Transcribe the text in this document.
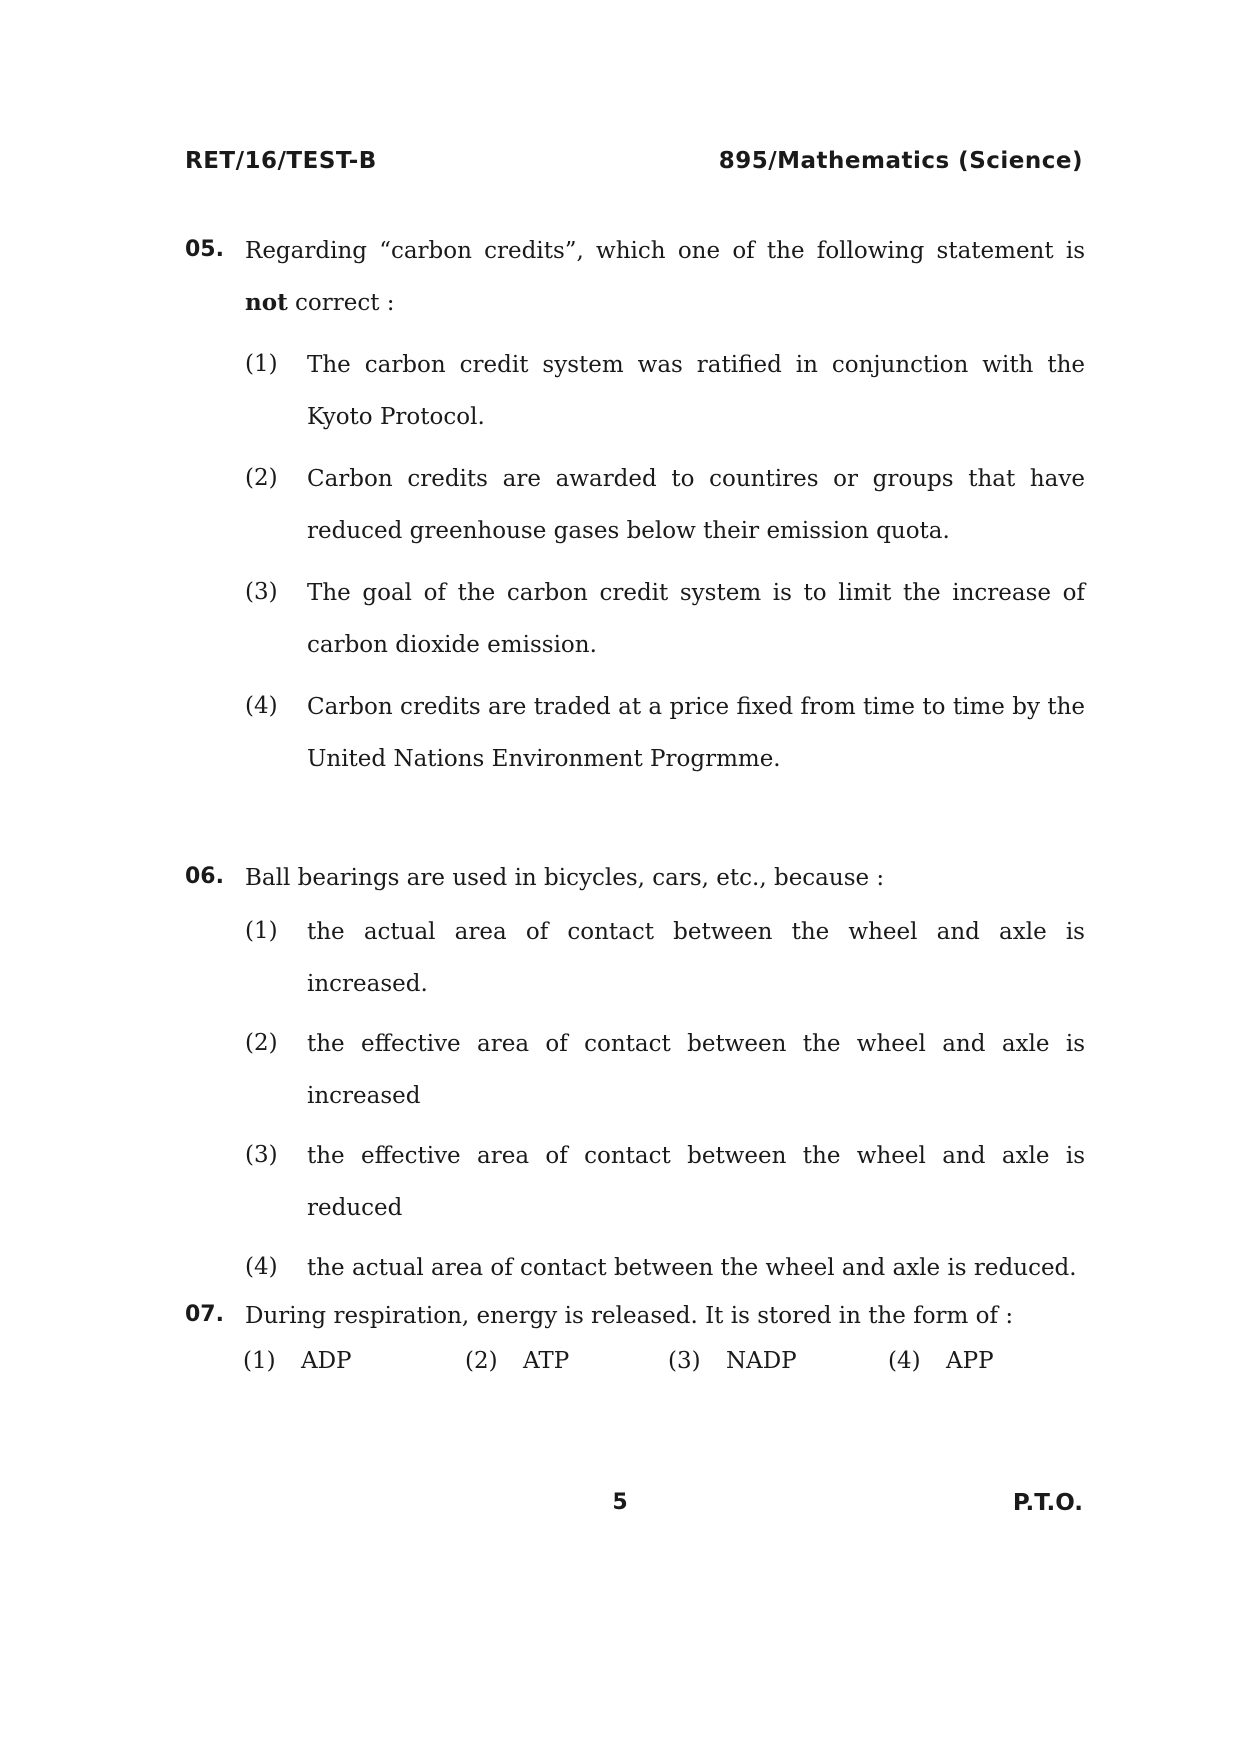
RET/16/TEST-B	895/Mathematics (Science)
05. Regarding “carbon credits”, which one of the following statement is not correct :
(1)	The carbon credit system was ratified in conjunction with the Kyoto Protocol.
(2)	Carbon credits are awarded to countires or groups that have reduced greenhouse gases below their emission quota.
(3)	The goal of the carbon credit system is to limit the increase of carbon dioxide emission.
(4)	Carbon credits are traded at a price fixed from time to time by the United Nations Environment Progrmme.
06. Ball bearings are used in bicycles, cars, etc., because :
(1)	the actual area of contact between the wheel and axle is increased.
(2)	the effective area of contact between the wheel and axle is increased
(3)	the effective area of contact between the wheel and axle is reduced
(4)	the actual area of contact between the wheel and axle is reduced.
07. During respiration, energy is released. It is stored in the form of :
(1) ADP	(2) ATP	(3) NADP	(4) APP
5	P.T.O.
